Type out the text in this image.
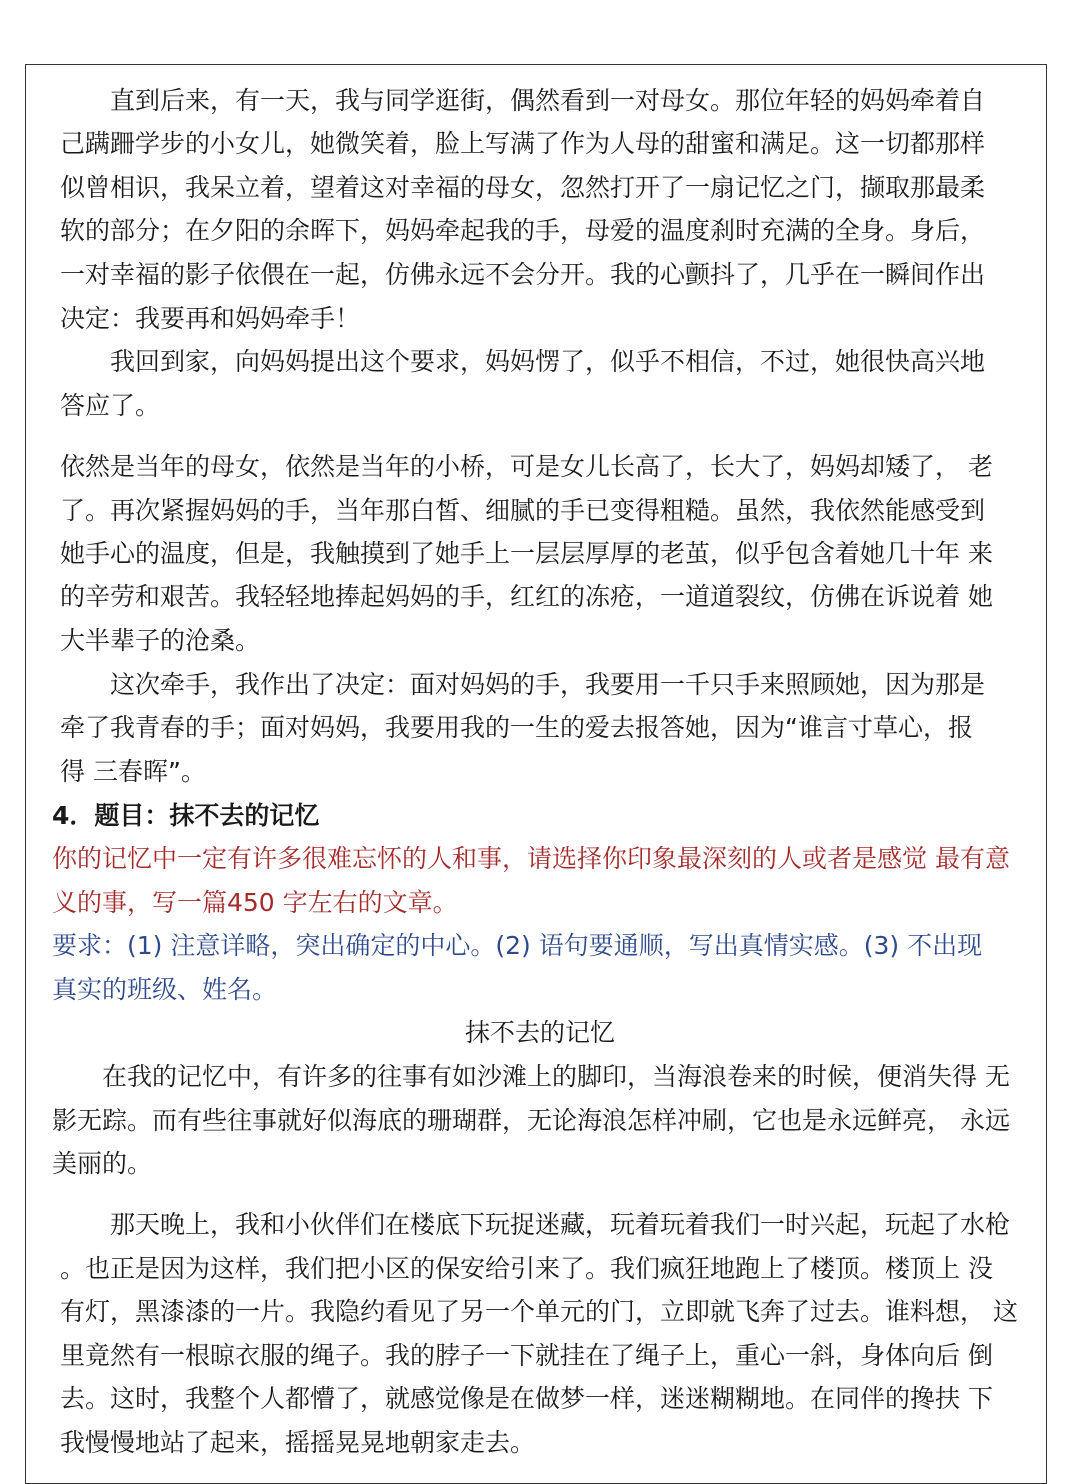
直到后来，有一天，我与同学逛街，偶然看到一对母女。那位年轻的妈妈牵着自
己蹒跚学步的小女儿，她微笑着，脸上写满了作为人母的甜蜜和满足。这一切都那样
似曾相识，我呆立着，望着这对幸福的母女，忽然打开了一扇记忆之门，撷取那最柔
软的部分；在夕阳的余晖下，妈妈牵起我的手，母爱的温度刹时充满的全身。身后，
一对幸福的影子依偎在一起，仿佛永远不会分开。我的心颤抖了，几乎在一瞬间作出
决定：我要再和妈妈牵手！
我回到家，向妈妈提出这个要求，妈妈愣了，似乎不相信，不过，她很快高兴地
答应了。
依然是当年的母女，依然是当年的小桥，可是女儿长高了，长大了，妈妈却矮了， 老
了。再次紧握妈妈的手，当年那白皙、细腻的手已变得粗糙。虽然，我依然能感受到
她手心的温度，但是，我触摸到了她手上一层层厚厚的老茧，似乎包含着她几十年 来
的辛劳和艰苦。我轻轻地捧起妈妈的手，红红的冻疮，一道道裂纹，仿佛在诉说着 她
大半辈子的沧桑。
这次牵手，我作出了决定：面对妈妈的手，我要用一千只手来照顾她，因为那是
牵了我青春的手；面对妈妈，我要用我的一生的爱去报答她，因为“谁言寸草心，报
得 三春晖”。
4．题目：抹不去的记忆
你的记忆中一定有许多很难忘怀的人和事，请选择你印象最深刻的人或者是感觉 最有意
义的事，写一篇450 字左右的文章。
要求：(1) 注意详略，突出确定的中心。(2) 语句要通顺，写出真情实感。(3) 不出现
真实的班级、姓名。
抹不去的记忆
在我的记忆中，有许多的往事有如沙滩上的脚印，当海浪卷来的时候，便消失得 无
影无踪。而有些往事就好似海底的珊瑚群，无论海浪怎样冲刷，它也是永远鲜亮， 永远
美丽的。
那天晚上，我和小伙伴们在楼底下玩捉迷藏，玩着玩着我们一时兴起，玩起了水枪
。也正是因为这样，我们把小区的保安给引来了。我们疯狂地跑上了楼顶。楼顶上 没
有灯，黑漆漆的一片。我隐约看见了另一个单元的门，立即就飞奔了过去。谁料想， 这
里竟然有一根晾衣服的绳子。我的脖子一下就挂在了绳子上，重心一斜，身体向后 倒
去。这时，我整个人都懵了，就感觉像是在做梦一样，迷迷糊糊地。在同伴的搀扶 下
我慢慢地站了起来，摇摇晃晃地朝家走去。
